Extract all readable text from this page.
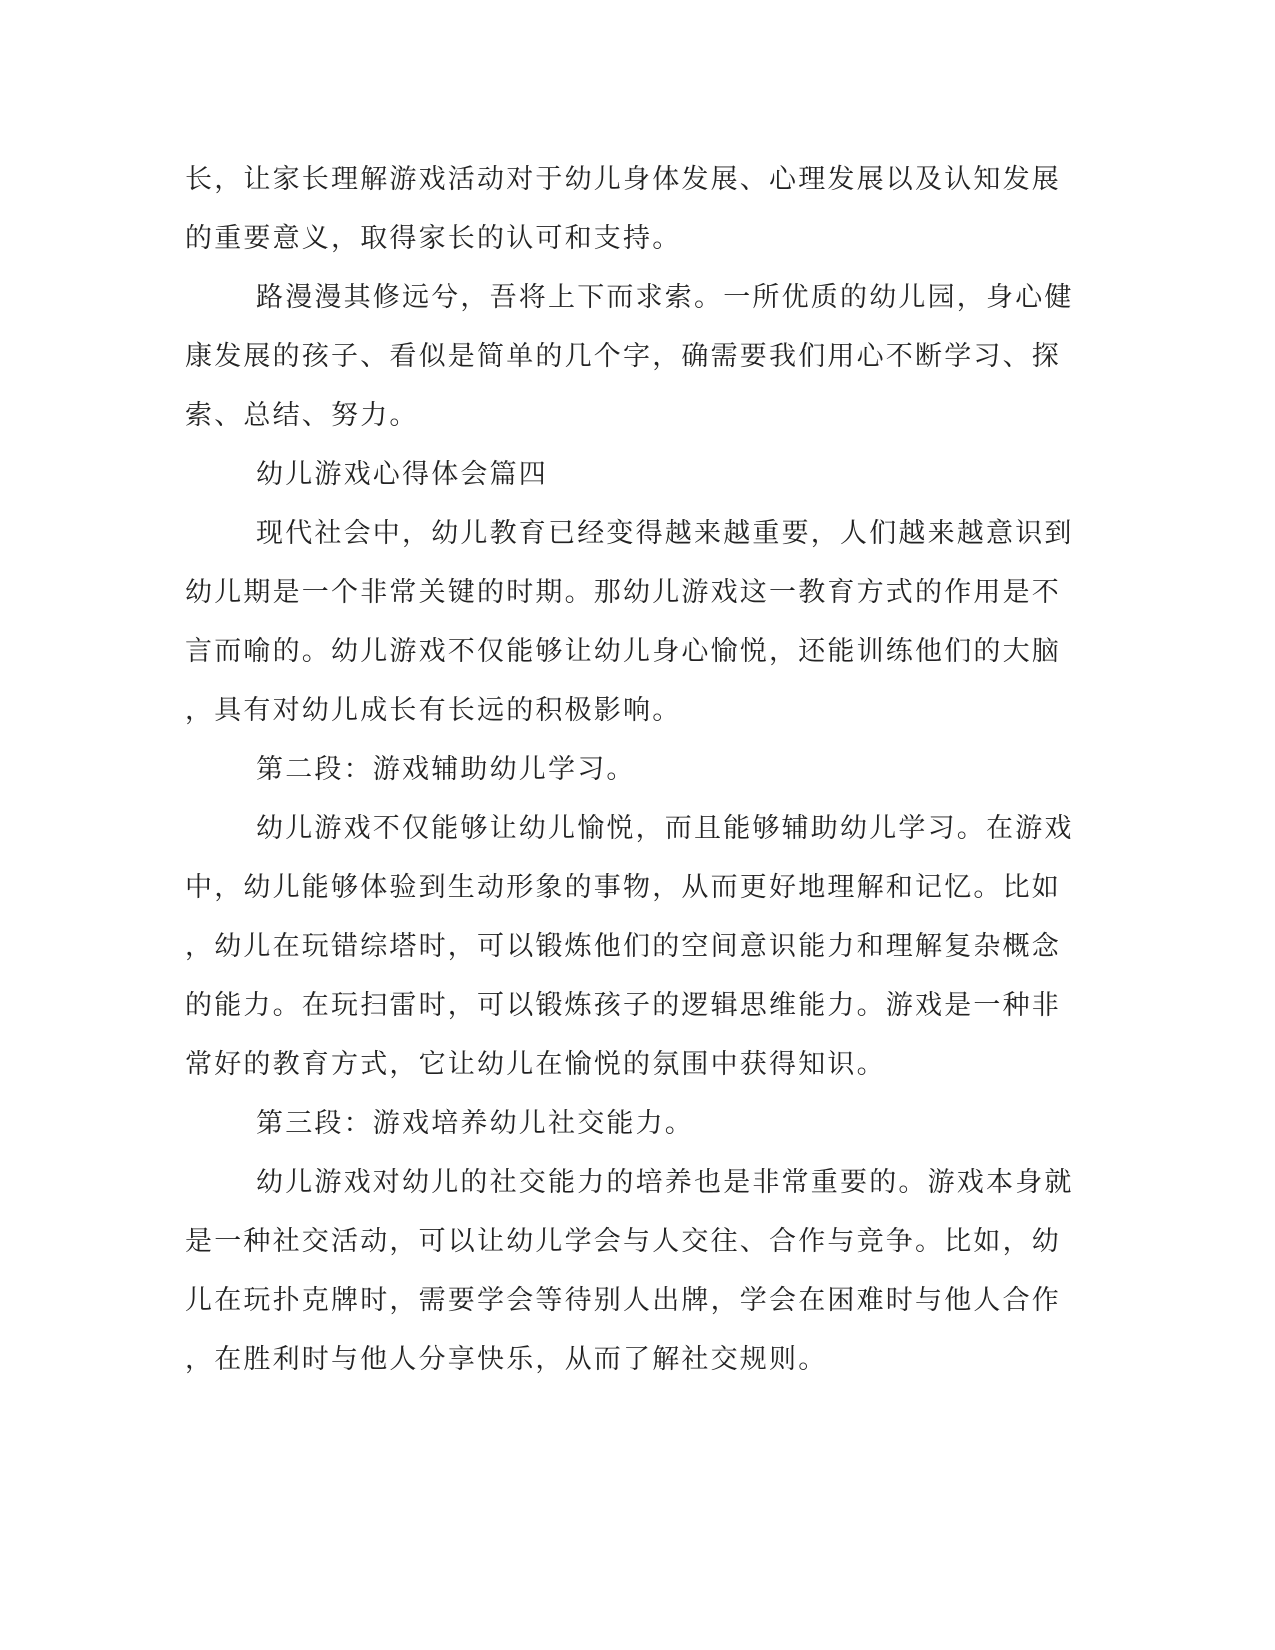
长，让家长理解游戏活动对于幼儿身体发展、心理发展以及认知发展
的重要意义，取得家长的认可和支持。
路漫漫其修远兮，吾将上下而求索。一所优质的幼儿园，身心健
康发展的孩子、看似是简单的几个字，确需要我们用心不断学习、探
索、总结、努力。
幼儿游戏心得体会篇四
现代社会中，幼儿教育已经变得越来越重要，人们越来越意识到
幼儿期是一个非常关键的时期。那幼儿游戏这一教育方式的作用是不
言而喻的。幼儿游戏不仅能够让幼儿身心愉悦，还能训练他们的大脑
，具有对幼儿成长有长远的积极影响。
第二段：游戏辅助幼儿学习。
幼儿游戏不仅能够让幼儿愉悦，而且能够辅助幼儿学习。在游戏
中，幼儿能够体验到生动形象的事物，从而更好地理解和记忆。比如
，幼儿在玩错综塔时，可以锻炼他们的空间意识能力和理解复杂概念
的能力。在玩扫雷时，可以锻炼孩子的逻辑思维能力。游戏是一种非
常好的教育方式，它让幼儿在愉悦的氛围中获得知识。
第三段：游戏培养幼儿社交能力。
幼儿游戏对幼儿的社交能力的培养也是非常重要的。游戏本身就
是一种社交活动，可以让幼儿学会与人交往、合作与竞争。比如，幼
儿在玩扑克牌时，需要学会等待别人出牌，学会在困难时与他人合作
，在胜利时与他人分享快乐，从而了解社交规则。
